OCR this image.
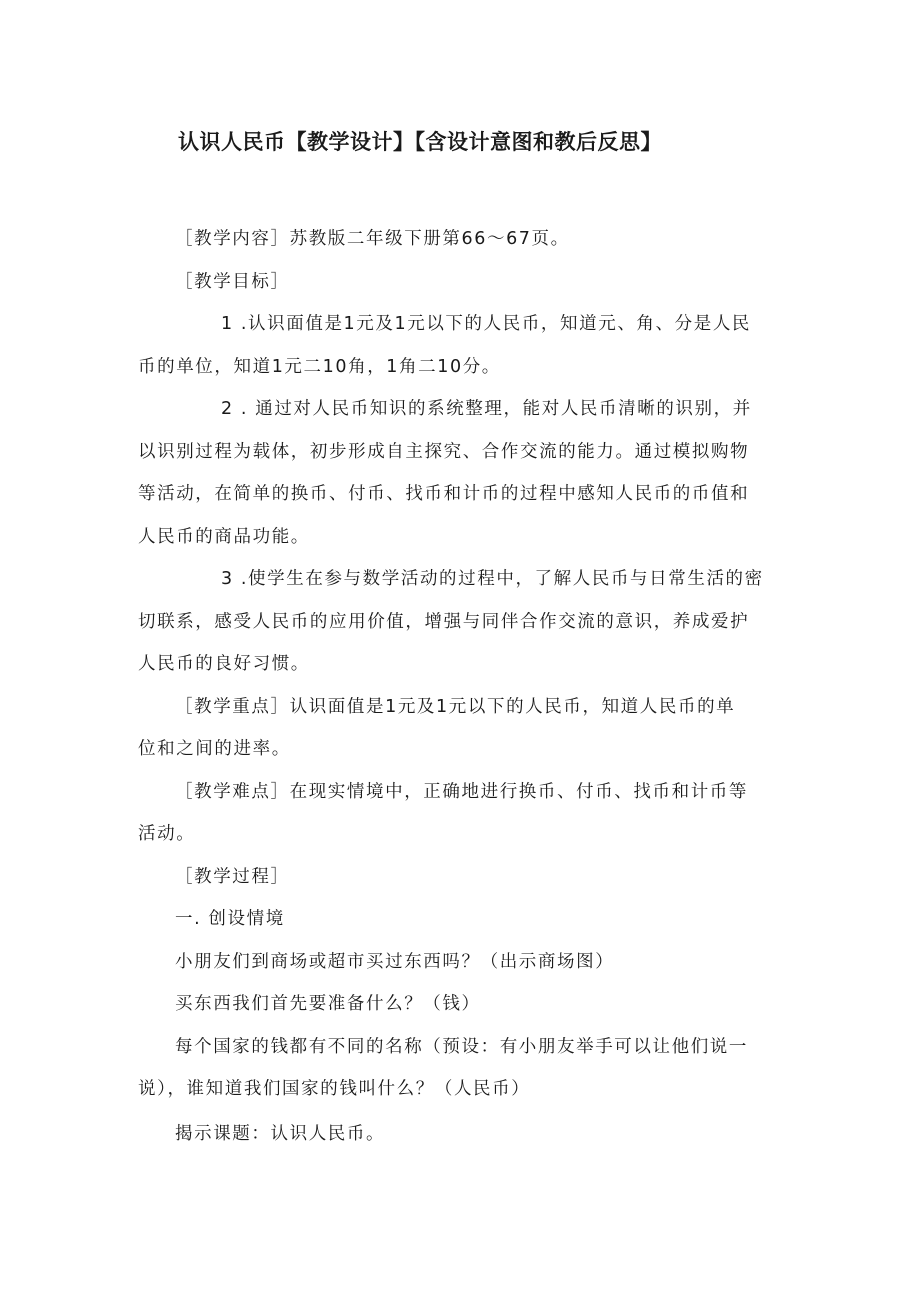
认识人民币【教学设计】【含设计意图和教后反思】
［教学内容］苏教版二年级下册第66〜67页。
［教学目标］
1 .认识面值是1元及1元以下的人民币，知道元、角、分是人民
币的单位，知道1元二10角，1角二10分。
2 . 通过对人民币知识的系统整理，能对人民币清晰的识别，并
以识别过程为载体，初步形成自主探究、合作交流的能力。通过模拟购物
等活动，在简单的换币、付币、找币和计币的过程中感知人民币的币值和
人民币的商品功能。
3 .使学生在参与数学活动的过程中，了解人民币与日常生活的密
切联系，感受人民币的应用价值，增强与同伴合作交流的意识，养成爱护
人民币的良好习惯。
［教学重点］认识面值是1元及1元以下的人民币，知道人民币的单
位和之间的进率。
［教学难点］在现实情境中，正确地进行换币、付币、找币和计币等
活动。
［教学过程］
一. 创设情境
小朋友们到商场或超市买过东西吗？（出示商场图）
买东西我们首先要准备什么？（钱）
每个国家的钱都有不同的名称（预设：有小朋友举手可以让他们说一
说），谁知道我们国家的钱叫什么？（人民币）
揭示课题：认识人民币。
